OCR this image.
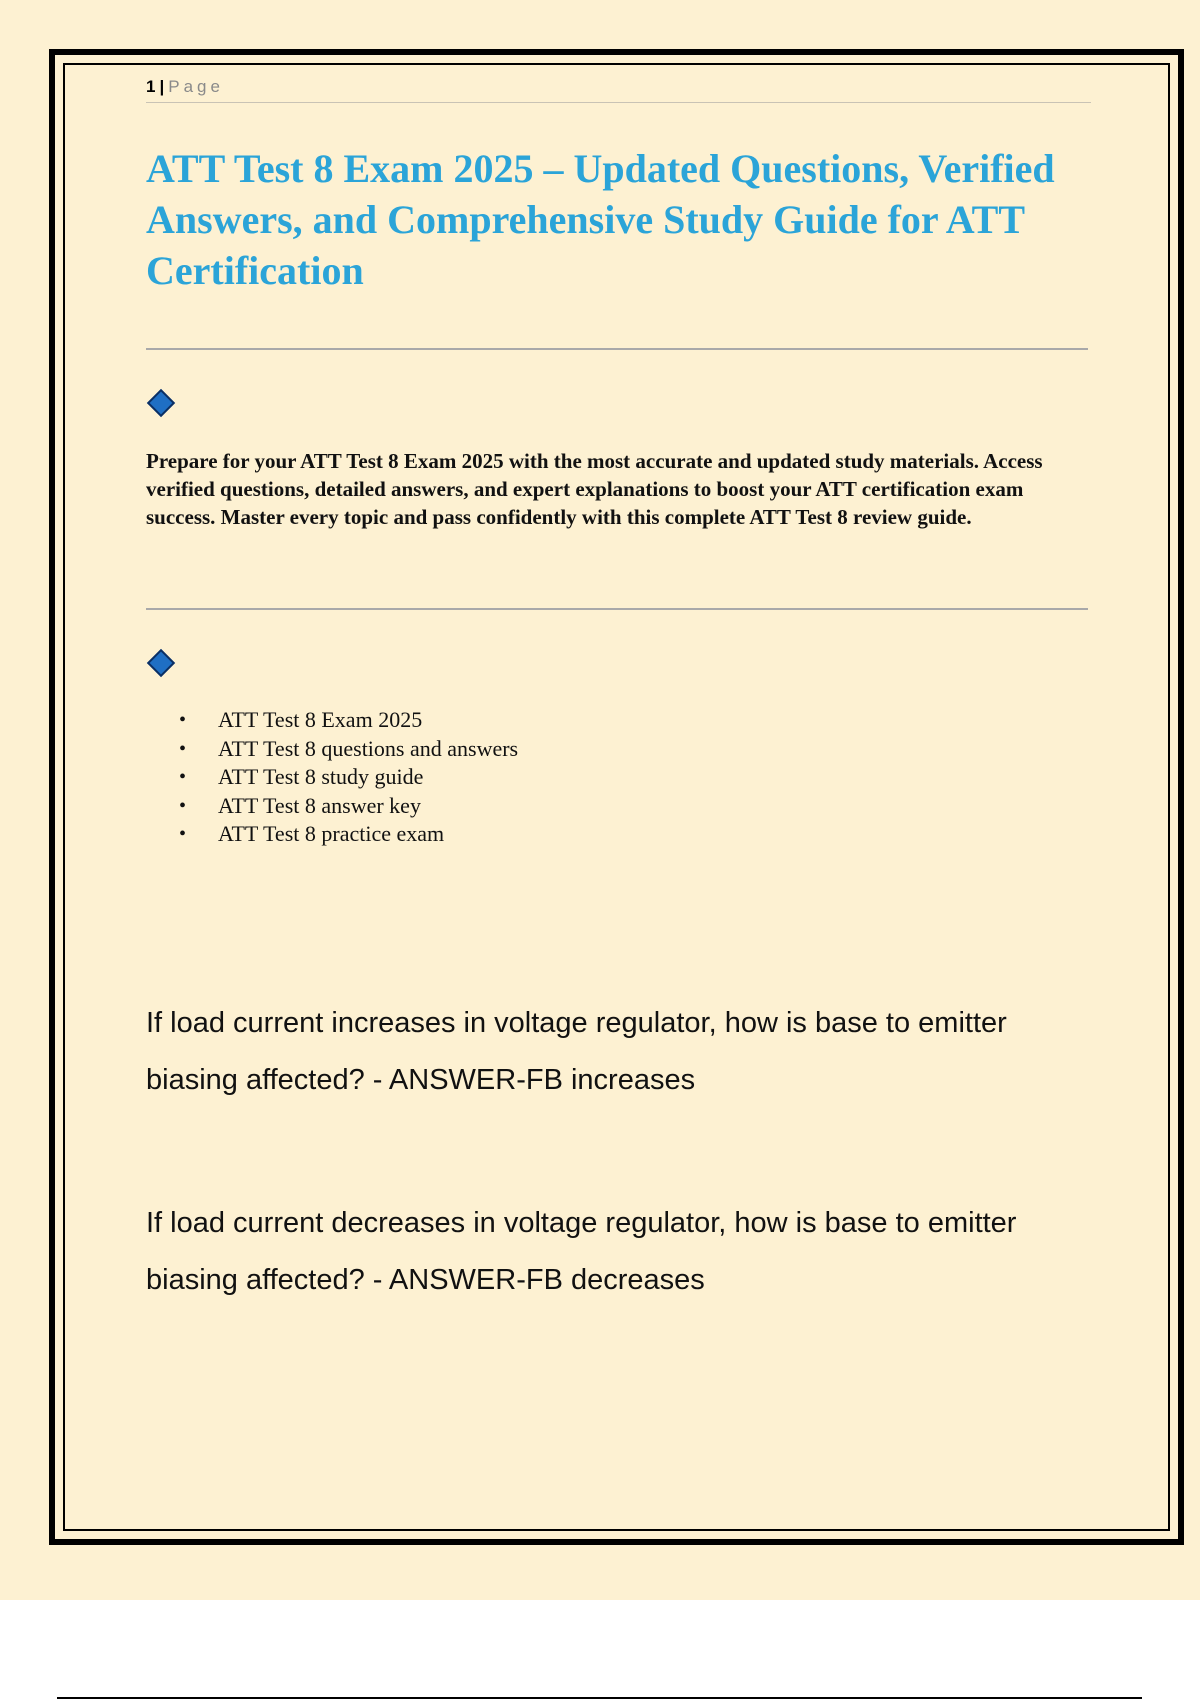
1 | Page
ATT Test 8 Exam 2025 – Updated Questions, Verified Answers, and Comprehensive Study Guide for ATT Certification

Prepare for your ATT Test 8 Exam 2025 with the most accurate and updated study materials. Access verified questions, detailed answers, and expert explanations to boost your ATT certification exam success. Master every topic and pass confidently with this complete ATT Test 8 review guide.

• ATT Test 8 Exam 2025
• ATT Test 8 questions and answers
• ATT Test 8 study guide
• ATT Test 8 answer key
• ATT Test 8 practice exam

If load current increases in voltage regulator, how is base to emitter biasing affected? - ANSWER-FB increases

If load current decreases in voltage regulator, how is base to emitter biasing affected? - ANSWER-FB decreases
